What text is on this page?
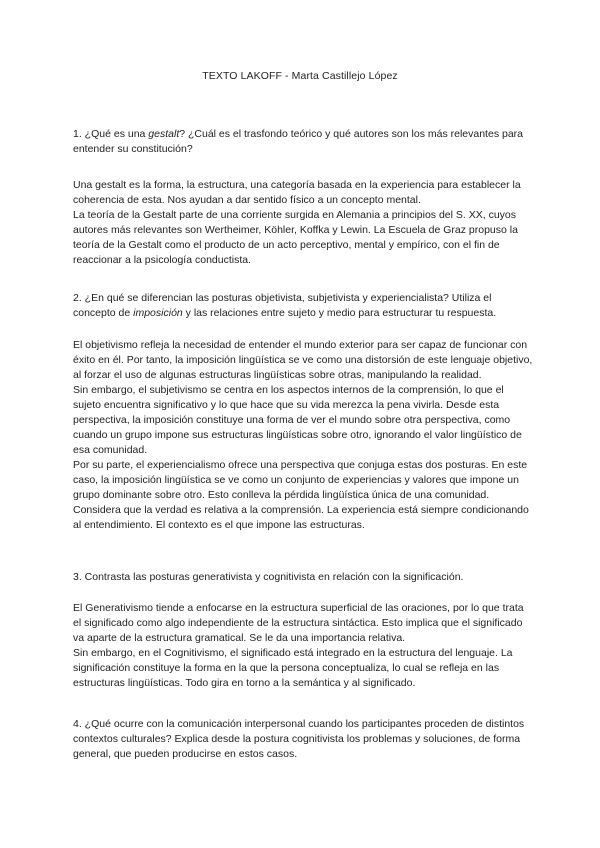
TEXTO LAKOFF - Marta Castillejo López

1. ¿Qué es una gestalt? ¿Cuál es el trasfondo teórico y qué autores son los más relevantes para entender su constitución?

Una gestalt es la forma, la estructura, una categoría basada en la experiencia para establecer la coherencia de esta. Nos ayudan a dar sentido físico a un concepto mental.

La teoría de la Gestalt parte de una corriente surgida en Alemania a principios del S. XX, cuyos autores más relevantes son Wertheimer, Köhler, Koffka y Lewin. La Escuela de Graz propuso la teoría de la Gestalt como el producto de un acto perceptivo, mental y empírico, con el fin de reaccionar a la psicología conductista.

2. ¿En qué se diferencian las posturas objetivista, subjetivista y experiencialista? Utiliza el concepto de imposición y las relaciones entre sujeto y medio para estructurar tu respuesta.

El objetivismo refleja la necesidad de entender el mundo exterior para ser capaz de funcionar con éxito en él. Por tanto, la imposición lingüística se ve como una distorsión de este lenguaje objetivo, al forzar el uso de algunas estructuras lingüísticas sobre otras, manipulando la realidad.

Sin embargo, el subjetivismo se centra en los aspectos internos de la comprensión, lo que el sujeto encuentra significativo y lo que hace que su vida merezca la pena vivirla. Desde esta perspectiva, la imposición constituye una forma de ver el mundo sobre otra perspectiva, como cuando un grupo impone sus estructuras lingüísticas sobre otro, ignorando el valor lingüístico de esa comunidad.

Por su parte, el experiencialismo ofrece una perspectiva que conjuga estas dos posturas. En este caso, la imposición lingüística se ve como un conjunto de experiencias y valores que impone un grupo dominante sobre otro. Esto conlleva la pérdida lingüística única de una comunidad. Considera que la verdad es relativa a la comprensión. La experiencia está siempre condicionando al entendimiento. El contexto es el que impone las estructuras.

3. Contrasta las posturas generativista y cognitivista en relación con la significación.

El Generativismo tiende a enfocarse en la estructura superficial de las oraciones, por lo que trata el significado como algo independiente de la estructura sintáctica. Esto implica que el significado va aparte de la estructura gramatical. Se le da una importancia relativa.

Sin embargo, en el Cognitivismo, el significado está integrado en la estructura del lenguaje. La significación constituye la forma en la que la persona conceptualiza, lo cual se refleja en las estructuras lingüísticas. Todo gira en torno a la semántica y al significado.

4. ¿Qué ocurre con la comunicación interpersonal cuando los participantes proceden de distintos contextos culturales? Explica desde la postura cognitivista los problemas y soluciones, de forma general, que pueden producirse en estos casos.
